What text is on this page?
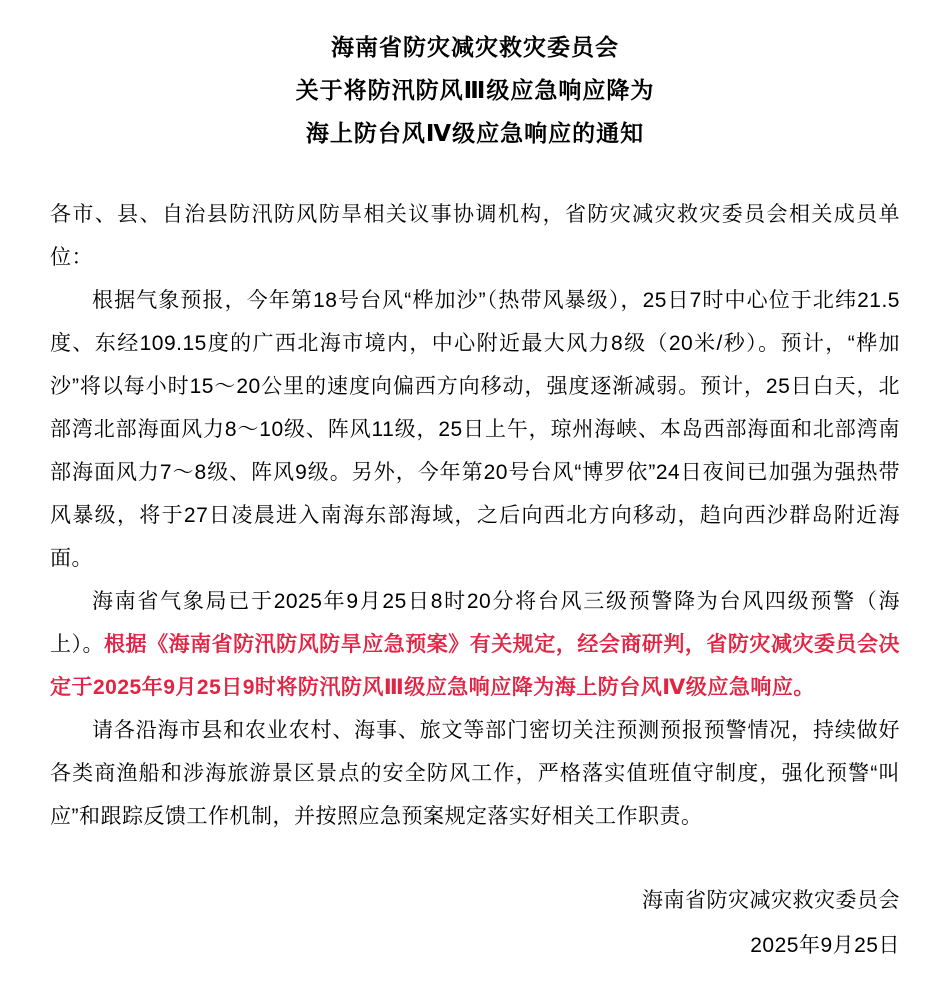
海南省防灾减灾救灾委员会
关于将防汛防风Ⅲ级应急响应降为
海上防台风Ⅳ级应急响应的通知

各市、县、自治县防汛防风防旱相关议事协调机构，省防灾减灾救灾委员会相关成员单位：

根据气象预报，今年第18号台风“桦加沙”（热带风暴级），25日7时中心位于北纬21.5度、东经109.15度的广西北海市境内，中心附近最大风力8级（20米/秒）。预计，“桦加沙”将以每小时15～20公里的速度向偏西方向移动，强度逐渐减弱。预计，25日白天，北部湾北部海面风力8～10级、阵风11级，25日上午，琼州海峡、本岛西部海面和北部湾南部海面风力7～8级、阵风9级。另外，今年第20号台风“博罗依”24日夜间已加强为强热带风暴级，将于27日凌晨进入南海东部海域，之后向西北方向移动，趋向西沙群岛附近海面。

海南省气象局已于2025年9月25日8时20分将台风三级预警降为台风四级预警（海上）。根据《海南省防汛防风防旱应急预案》有关规定，经会商研判，省防灾减灾委员会决定于2025年9月25日9时将防汛防风Ⅲ级应急响应降为海上防台风Ⅳ级应急响应。

请各沿海市县和农业农村、海事、旅文等部门密切关注预测预报预警情况，持续做好各类商渔船和涉海旅游景区景点的安全防风工作，严格落实值班值守制度，强化预警“叫应”和跟踪反馈工作机制，并按照应急预案规定落实好相关工作职责。

海南省防灾减灾救灾委员会
2025年9月25日
